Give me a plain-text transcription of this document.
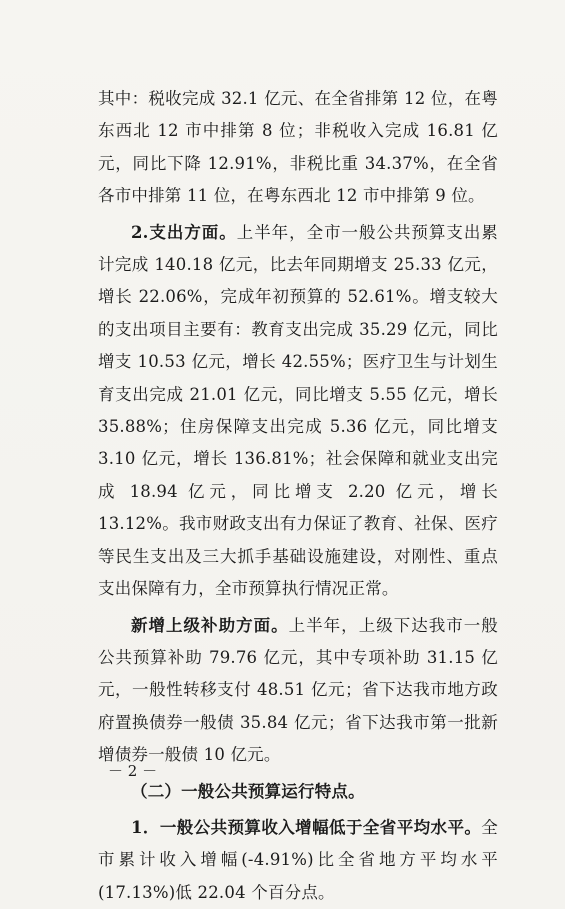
其中：税收完成 32.1 亿元、在全省排第 12 位，在粤东西北 12 市中排第 8 位；非税收入完成 16.81 亿元，同比下降 12.91%，非税比重 34.37%，在全省各市中排第 11 位，在粤东西北 12 市中排第 9 位。

2.支出方面。上半年，全市一般公共预算支出累计完成 140.18 亿元，比去年同期增支 25.33 亿元，增长 22.06%，完成年初预算的 52.61%。增支较大的支出项目主要有：教育支出完成 35.29 亿元，同比增支 10.53 亿元，增长 42.55%；医疗卫生与计划生育支出完成 21.01 亿元，同比增支 5.55 亿元，增长 35.88%；住房保障支出完成 5.36 亿元，同比增支 3.10 亿元，增长 136.81%；社会保障和就业支出完成 18.94 亿元，同比增支 2.20 亿元，增长 13.12%。我市财政支出有力保证了教育、社保、医疗等民生支出及三大抓手基础设施建设，对刚性、重点支出保障有力，全市预算执行情况正常。

新增上级补助方面。上半年，上级下达我市一般公共预算补助 79.76 亿元，其中专项补助 31.15 亿元，一般性转移支付 48.51 亿元；省下达我市地方政府置换债券一般债 35.84 亿元；省下达我市第一批新增债券一般债 10 亿元。

（二）一般公共预算运行特点。

1．一般公共预算收入增幅低于全省平均水平。全市累计收入增幅(-4.91%)比全省地方平均水平(17.13%)低 22.04 个百分点。

－ 2 －
